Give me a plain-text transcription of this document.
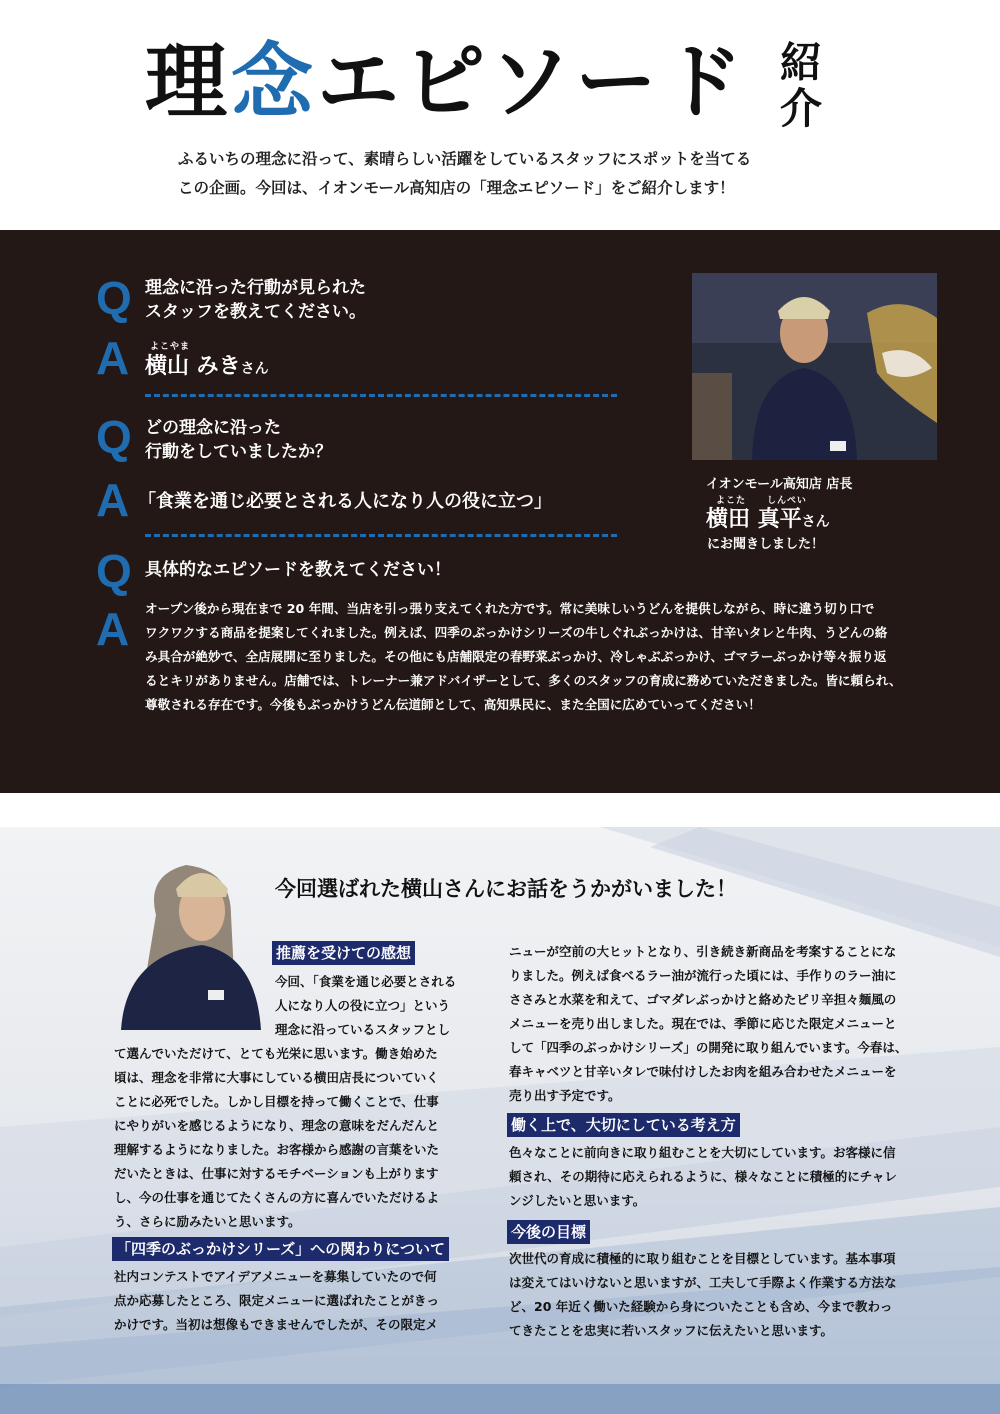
理念エピソード 紹介
ふるいちの理念に沿って、素晴らしい活躍をしているスタッフにスポットを当てる
この企画。今回は、イオンモール高知店の「理念エピソード」をご紹介します！
Q 理念に沿った行動が見られた
スタッフを教えてください。
A よこやま
横山 みきさん
Q どの理念に沿った
行動をしていましたか？
A 「食業を通じ必要とされる人になり人の役に立つ」
Q 具体的なエピソードを教えてください！
A オープン後から現在まで 20 年間、当店を引っ張り支えてくれた方です。常に美味しいうどんを提供しながら、時に違う切り口で
ワクワクする商品を提案してくれました。例えば、四季のぶっかけシリーズの牛しぐれぶっかけは、甘辛いタレと牛肉、うどんの絡
み具合が絶妙で、全店展開に至りました。その他にも店舗限定の春野菜ぶっかけ、冷しゃぶぶっかけ、ゴマラーぶっかけ等々振り返
るとキリがありません。店舗では、トレーナー兼アドバイザーとして、多くのスタッフの育成に務めていただきました。皆に頼られ、
尊敬される存在です。今後もぶっかけうどん伝道師として、高知県民に、また全国に広めていってください！
イオンモール高知店 店長
よこた しんぺい
横田 真平さん
にお聞きしました！
今回選ばれた横山さんにお話をうかがいました！
推薦を受けての感想
今回、「食業を通じ必要とされる
人になり人の役に立つ」という
理念に沿っているスタッフとし
て選んでいただけて、とても光栄に思います。働き始めた
頃は、理念を非常に大事にしている横田店長についていく
ことに必死でした。しかし目標を持って働くことで、仕事
にやりがいを感じるようになり、理念の意味をだんだんと
理解するようになりました。お客様から感謝の言葉をいた
だいたときは、仕事に対するモチベーションも上がります
し、今の仕事を通じてたくさんの方に喜んでいただけるよ
う、さらに励みたいと思います。
「四季のぶっかけシリーズ」への関わりについて
社内コンテストでアイデアメニューを募集していたので何
点か応募したところ、限定メニューに選ばれたことがきっ
かけです。当初は想像もできませんでしたが、その限定メ
ニューが空前の大ヒットとなり、引き続き新商品を考案することにな
りました。例えば食べるラー油が流行った頃には、手作りのラー油に
ささみと水菜を和えて、ゴマダレぶっかけと絡めたピリ辛担々麺風の
メニューを売り出しました。現在では、季節に応じた限定メニューと
して「四季のぶっかけシリーズ」の開発に取り組んでいます。今春は、
春キャベツと甘辛いタレで味付けしたお肉を組み合わせたメニューを
売り出す予定です。
働く上で、大切にしている考え方
色々なことに前向きに取り組むことを大切にしています。お客様に信
頼され、その期待に応えられるように、様々なことに積極的にチャレ
ンジしたいと思います。
今後の目標
次世代の育成に積極的に取り組むことを目標としています。基本事項
は変えてはいけないと思いますが、工夫して手際よく作業する方法な
ど、20 年近く働いた経験から身についたことも含め、今まで教わっ
てきたことを忠実に若いスタッフに伝えたいと思います。
